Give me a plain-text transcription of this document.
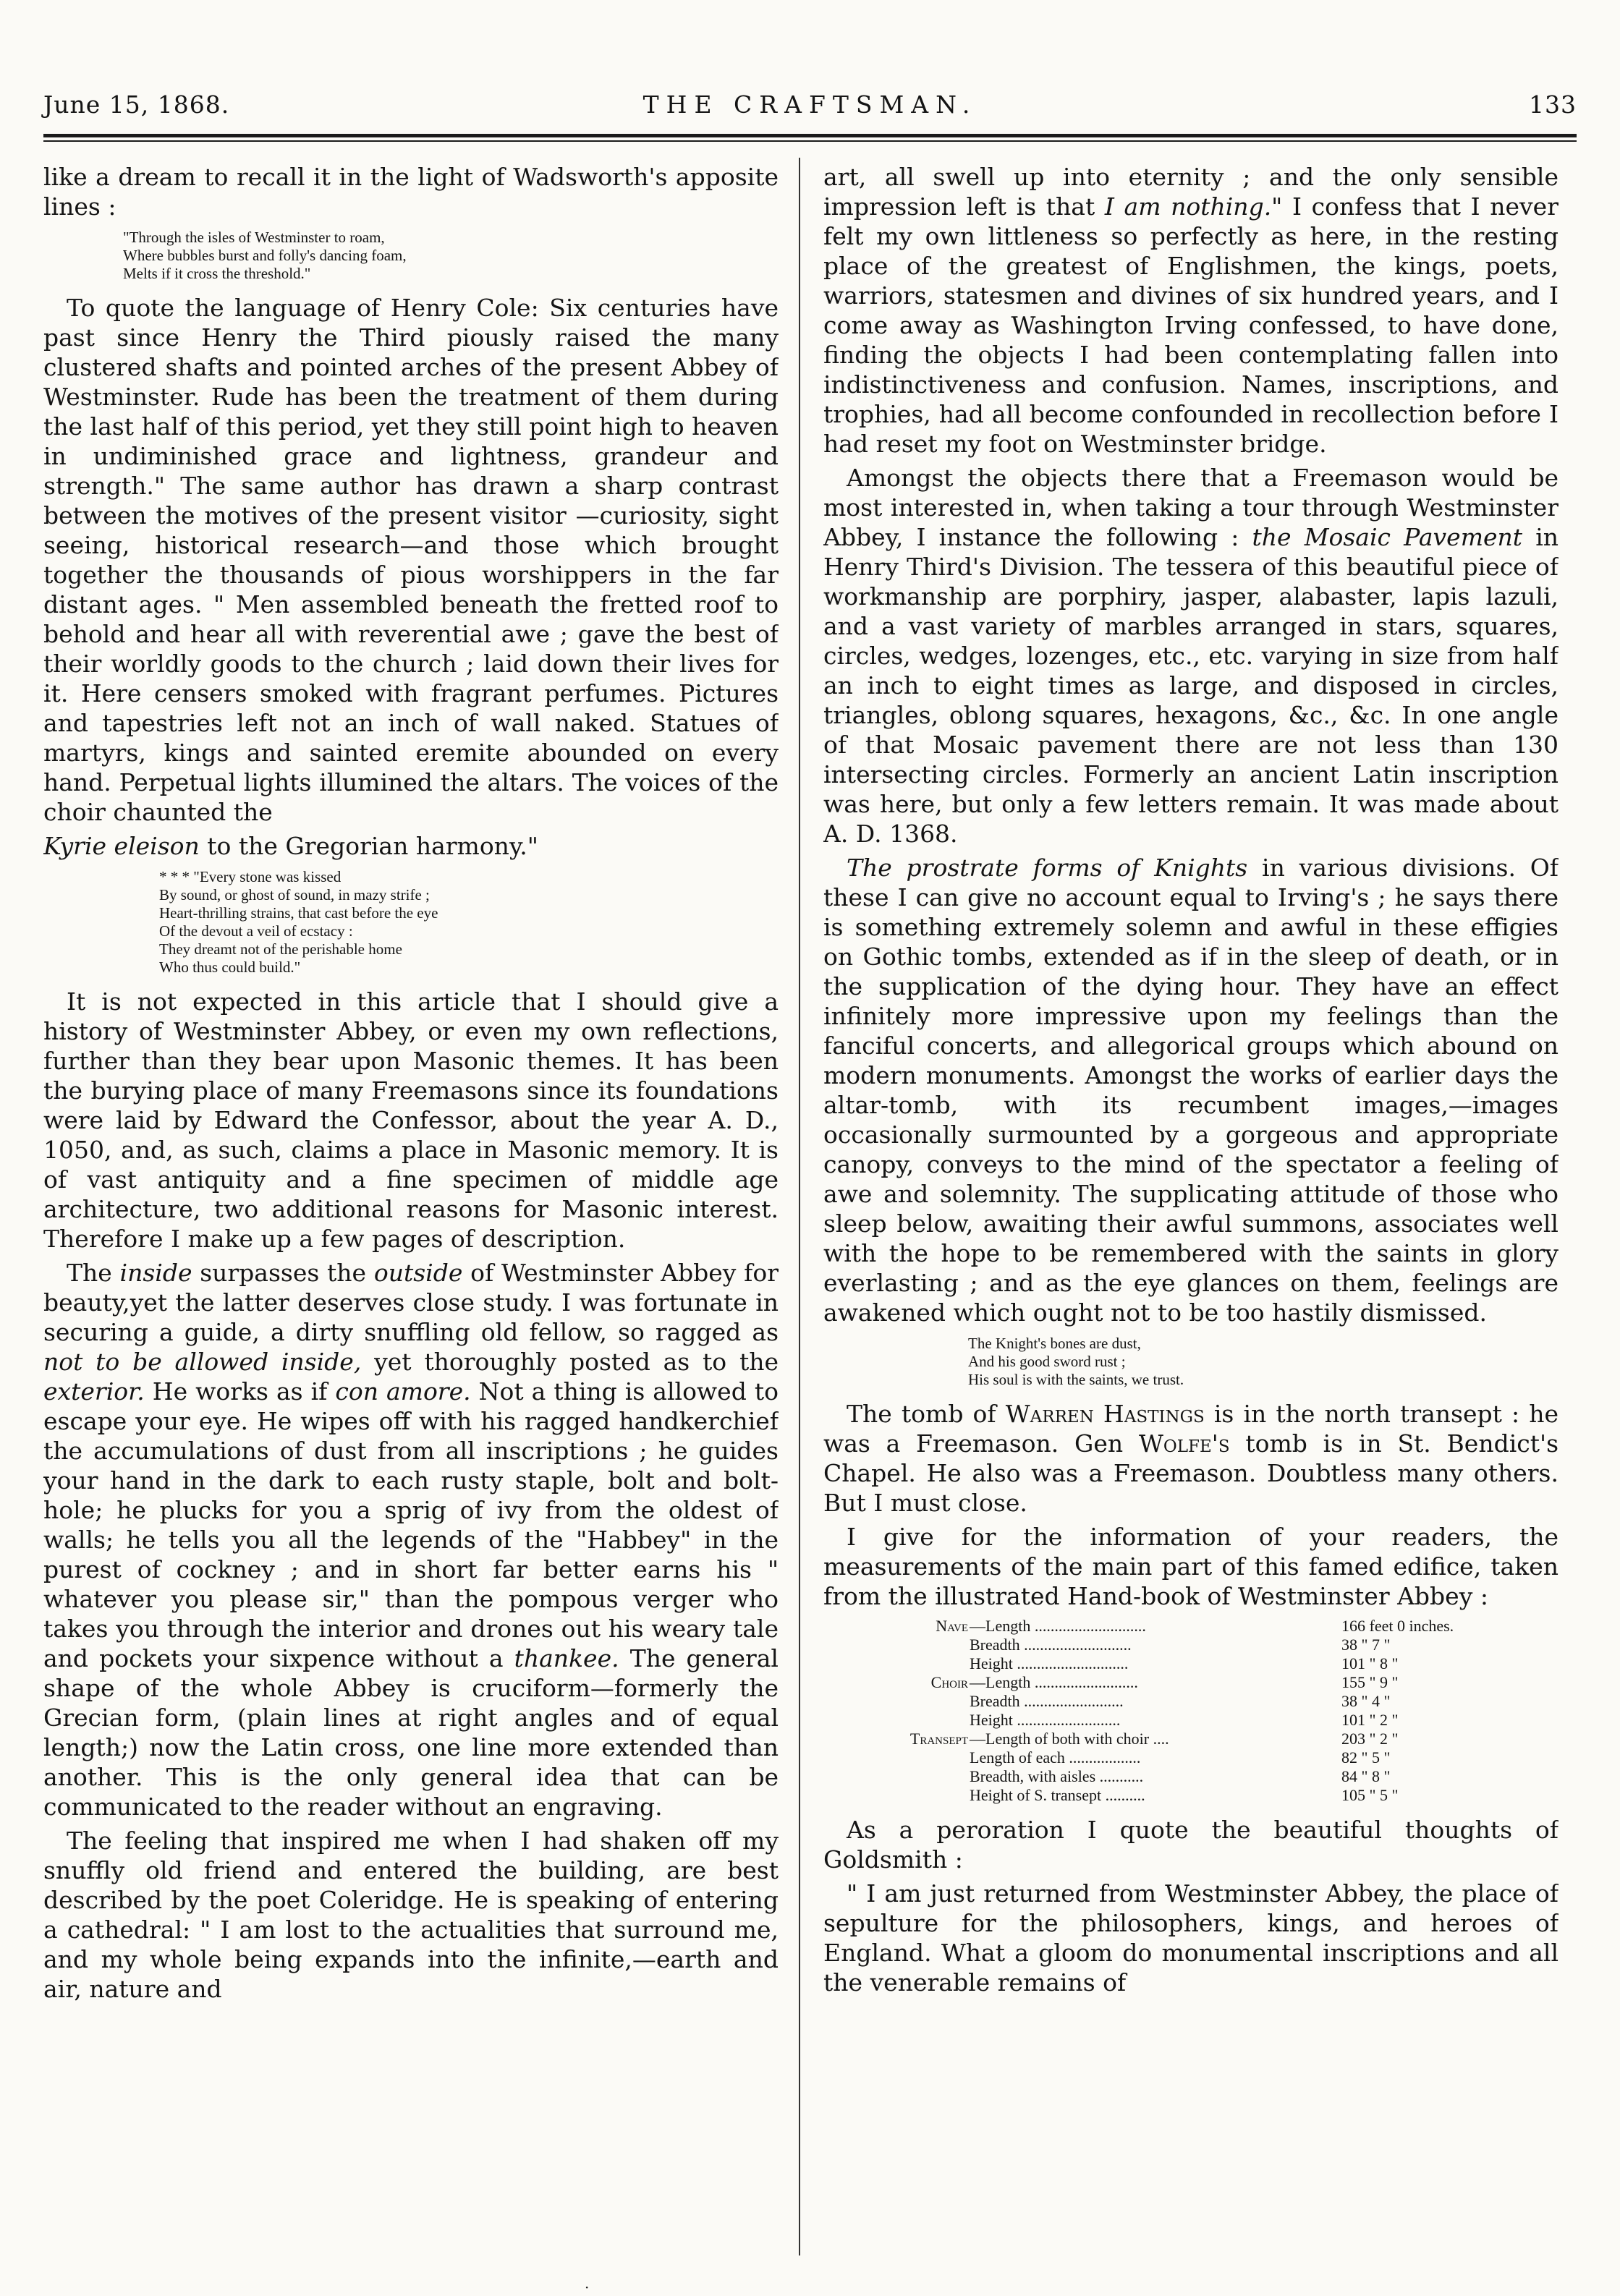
June 15, 1868.	THE CRAFTSMAN.	133

like a dream to recall it in the light of Wadsworth's apposite lines :

"Through the isles of Westminster to roam,
Where bubbles burst and folly's dancing foam,
Melts if it cross the threshold."

To quote the language of Henry Cole: Six centuries have past since Henry the Third piously raised the many clustered shafts and pointed arches of the present Abbey of Westminster. Rude has been the treatment of them during the last half of this period, yet they still point high to heaven in undiminished grace and lightness, grandeur and strength." The same author has drawn a sharp contrast between the motives of the present visitor —curiosity, sight seeing, historical research—and those which brought together the thousands of pious worshippers in the far distant ages. " Men assembled beneath the fretted roof to behold and hear all with reverential awe ; gave the best of their worldly goods to the church ; laid down their lives for it. Here censers smoked with fragrant perfumes. Pictures and tapestries left not an inch of wall naked. Statues of martyrs, kings and sainted eremite abounded on every hand. Perpetual lights illumined the altars. The voices of the choir chaunted the

Kyrie eleison to the Gregorian harmony."

* * * "Every stone was kissed
By sound, or ghost of sound, in mazy strife ;
Heart-thrilling strains, that cast before the eye
Of the devout a veil of ecstacy :
They dreamt not of the perishable home
Who thus could build."

It is not expected in this article that I should give a history of Westminster Abbey, or even my own reflections, further than they bear upon Masonic themes. It has been the burying place of many Freemasons since its foundations were laid by Edward the Confessor, about the year A. D., 1050, and, as such, claims a place in Masonic memory. It is of vast antiquity and a fine specimen of middle age architecture, two additional reasons for Masonic interest. Therefore I make up a few pages of description.

The inside surpasses the outside of Westminster Abbey for beauty,yet the latter deserves close study. I was fortunate in securing a guide, a dirty snuffling old fellow, so ragged as not to be allowed inside, yet thoroughly posted as to the exterior. He works as if con amore. Not a thing is allowed to escape your eye. He wipes off with his ragged handkerchief the accumulations of dust from all inscriptions ; he guides your hand in the dark to each rusty staple, bolt and bolt-hole; he plucks for you a sprig of ivy from the oldest of walls; he tells you all the legends of the "Habbey" in the purest of cockney ; and in short far better earns his " whatever you please sir," than the pompous verger who takes you through the interior and drones out his weary tale and pockets your sixpence without a thankee. The general shape of the whole Abbey is cruciform—formerly the Grecian form, (plain lines at right angles and of equal length;) now the Latin cross, one line more extended than another. This is the only general idea that can be communicated to the reader without an engraving.

The feeling that inspired me when I had shaken off my snuffly old friend and entered the building, are best described by the poet Coleridge. He is speaking of entering a cathedral: " I am lost to the actualities that surround me, and my whole being expands into the infinite,—earth and air, nature and

art, all swell up into eternity ; and the only sensible impression left is that I am nothing." I confess that I never felt my own littleness so perfectly as here, in the resting place of the greatest of Englishmen, the kings, poets, warriors, statesmen and divines of six hundred years, and I come away as Washington Irving confessed, to have done, finding the objects I had been contemplating fallen into indistinctiveness and confusion. Names, inscriptions, and trophies, had all become confounded in recollection before I had reset my foot on Westminster bridge.

Amongst the objects there that a Freemason would be most interested in, when taking a tour through Westminster Abbey, I instance the following : the Mosaic Pavement in Henry Third's Division. The tessera of this beautiful piece of workmanship are porphiry, jasper, alabaster, lapis lazuli, and a vast variety of marbles arranged in stars, squares, circles, wedges, lozenges, etc., etc. varying in size from half an inch to eight times as large, and disposed in circles, triangles, oblong squares, hexagons, &c., &c. In one angle of that Mosaic pavement there are not less than 130 intersecting circles. Formerly an ancient Latin inscription was here, but only a few letters remain. It was made about A. D. 1368.

The prostrate forms of Knights in various divisions. Of these I can give no account equal to Irving's ; he says there is something extremely solemn and awful in these effigies on Gothic tombs, extended as if in the sleep of death, or in the supplication of the dying hour. They have an effect infinitely more impressive upon my feelings than the fanciful concerts, and allegorical groups which abound on modern monuments. Amongst the works of earlier days the altar-tomb, with its recumbent images,—images occasionally surmounted by a gorgeous and appropriate canopy, conveys to the mind of the spectator a feeling of awe and solemnity. The supplicating attitude of those who sleep below, awaiting their awful summons, associates well with the hope to be remembered with the saints in glory everlasting ; and as the eye glances on them, feelings are awakened which ought not to be too hastily dismissed.

The Knight's bones are dust,
And his good sword rust ;
His soul is with the saints, we trust.

The tomb of Warren Hastings is in the north transept : he was a Freemason. Gen Wolfe's tomb is in St. Bendict's Chapel. He also was a Freemason. Doubtless many others. But I must close.

I give for the information of your readers, the measurements of the main part of this famed edifice, taken from the illustrated Hand-book of Westminster Abbey :

Nave —Length ............................	166 feet 0 inches.
Breadth ...........................	38 " 7 "
Height ............................	101 " 8 "
Choir —Length ..........................	155 " 9 "
Breadth .........................	38 " 4 "
Height ..........................	101 " 2 "
Transept —Length of both with choir ....	203 " 2 "
Length of each ..................	82 " 5 "
Breadth, with aisles ...........	84 " 8 "
Height of S. transept ..........	105 " 5 "

As a peroration I quote the beautiful thoughts of Goldsmith :

" I am just returned from Westminster Abbey, the place of sepulture for the philosophers, kings, and heroes of England. What a gloom do monumental inscriptions and all the venerable remains of

·
